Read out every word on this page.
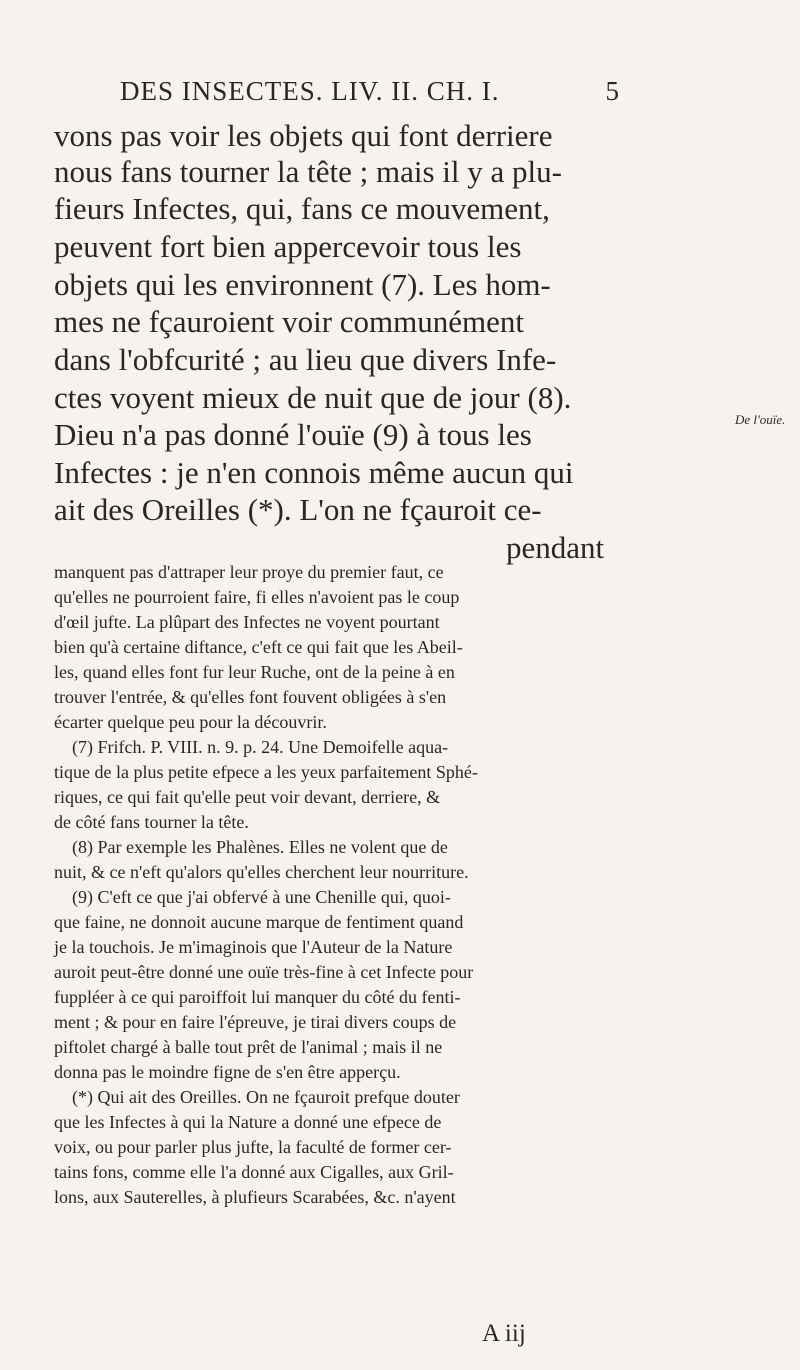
DES INSECTES. LIV. II. CH. I.	5
vons pas voir les objets qui font derriere
nous fans tourner la tête ; mais il y a plu-
fieurs Infectes, qui, fans ce mouvement,
peuvent fort bien appercevoir tous les
objets qui les environnent (7). Les hom-
mes ne fçauroient voir communément
dans l'obfcurité ; au lieu que divers Infe-
ctes voyent mieux de nuit que de jour (8).
Dieu n'a pas donné l'ouïe (9) à tous les
Infectes : je n'en connois même aucun qui
ait des Oreilles (*). L'on ne fçauroit ce-
pendant
De l'ouïe.
manquent pas d'attraper leur proye du premier faut, ce
qu'elles ne pourroient faire, fi elles n'avoient pas le coup
d'œil jufte. La plûpart des Infectes ne voyent pourtant
bien qu'à certaine diftance, c'eft ce qui fait que les Abeil-
les, quand elles font fur leur Ruche, ont de la peine à en
trouver l'entrée, & qu'elles font fouvent obligées à s'en
écarter quelque peu pour la découvrir.
(7) Frifch. P. VIII. n. 9. p. 24. Une Demoifelle aqua-
tique de la plus petite efpece a les yeux parfaitement Sphé-
riques, ce qui fait qu'elle peut voir devant, derriere, &
de côté fans tourner la tête.
(8) Par exemple les Phalènes. Elles ne volent que de
nuit, & ce n'eft qu'alors qu'elles cherchent leur nourriture.
(9) C'eft ce que j'ai obfervé à une Chenille qui, quoi-
que faine, ne donnoit aucune marque de fentiment quand
je la touchois. Je m'imaginois que l'Auteur de la Nature
auroit peut-être donné une ouïe très-fine à cet Infecte pour
fuppléer à ce qui paroiffoit lui manquer du côté du fenti-
ment ; & pour en faire l'épreuve, je tirai divers coups de
piftolet chargé à balle tout prêt de l'animal ; mais il ne
donna pas le moindre figne de s'en être apperçu.
(*) Qui ait des Oreilles. On ne fçauroit prefque douter
que les Infectes à qui la Nature a donné une efpece de
voix, ou pour parler plus jufte, la faculté de former cer-
tains fons, comme elle l'a donné aux Cigalles, aux Gril-
lons, aux Sauterelles, à plufieurs Scarabées, &c. n'ayent
A iij
